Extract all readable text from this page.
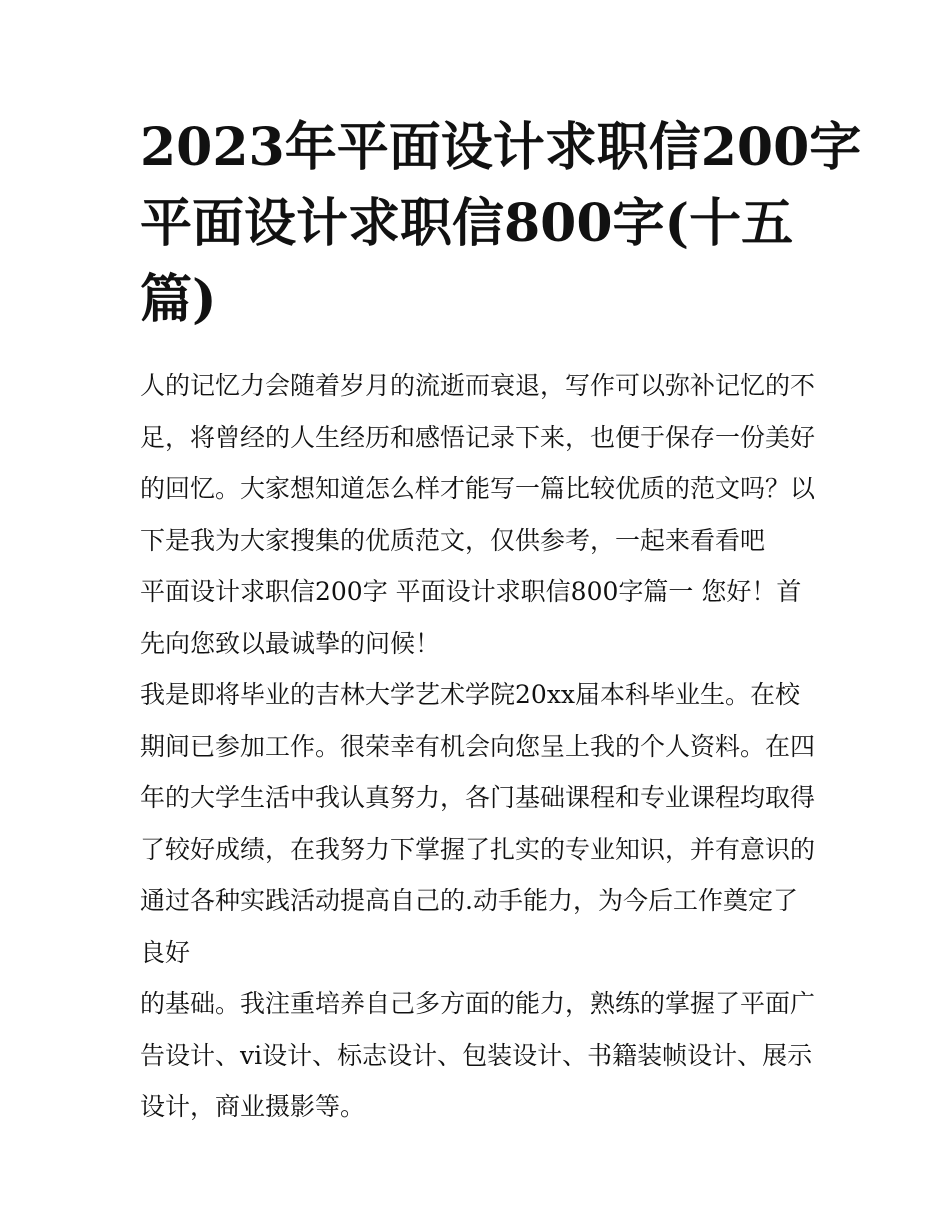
2023年平面设计求职信200字
平面设计求职信800字(十五
篇)
人的记忆力会随着岁月的流逝而衰退，写作可以弥补记忆的不
足，将曾经的人生经历和感悟记录下来，也便于保存一份美好
的回忆。大家想知道怎么样才能写一篇比较优质的范文吗？以
下是我为大家搜集的优质范文，仅供参考，一起来看看吧
平面设计求职信200字 平面设计求职信800字篇一 您好！首
先向您致以最诚挚的问候！
我是即将毕业的吉林大学艺术学院20xx届本科毕业生。在校
期间已参加工作。很荣幸有机会向您呈上我的个人资料。在四
年的大学生活中我认真努力，各门基础课程和专业课程均取得
了较好成绩，在我努力下掌握了扎实的专业知识，并有意识的
通过各种实践活动提高自己的.动手能力，为今后工作奠定了
良好
的基础。我注重培养自己多方面的能力，熟练的掌握了平面广
告设计、vi设计、标志设计、包装设计、书籍装帧设计、展示
设计，商业摄影等。
